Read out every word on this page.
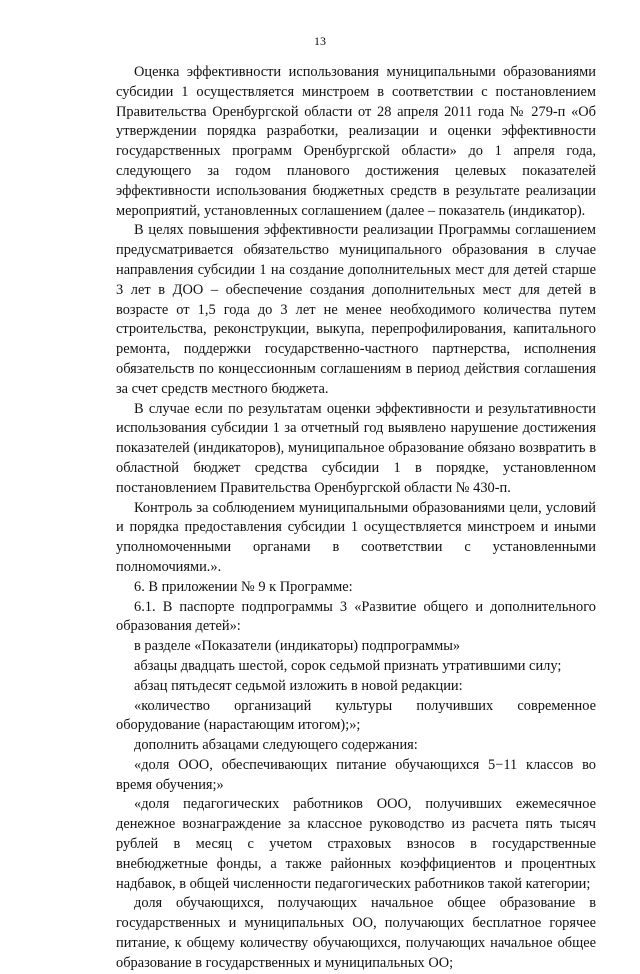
13

Оценка эффективности использования муниципальными образованиями субсидии 1 осуществляется минстроем в соответствии с постановлением Правительства Оренбургской области от 28 апреля 2011 года № 279-п «Об утверждении порядка разработки, реализации и оценки эффективности государственных программ Оренбургской области» до 1 апреля года, следующего за годом планового достижения целевых показателей эффективности использования бюджетных средств в результате реализации мероприятий, установленных соглашением (далее – показатель (индикатор).

В целях повышения эффективности реализации Программы соглашением предусматривается обязательство муниципального образования в случае направления субсидии 1 на создание дополнительных мест для детей старше 3 лет в ДОО – обеспечение создания дополнительных мест для детей в возрасте от 1,5 года до 3 лет не менее необходимого количества путем строительства, реконструкции, выкупа, перепрофилирования, капитального ремонта, поддержки государственно-частного партнерства, исполнения обязательств по концессионным соглашениям в период действия соглашения за счет средств местного бюджета.

В случае если по результатам оценки эффективности и результативности использования субсидии 1 за отчетный год выявлено нарушение достижения показателей (индикаторов), муниципальное образование обязано возвратить в областной бюджет средства субсидии 1 в порядке, установленном постановлением Правительства Оренбургской области № 430-п.

Контроль за соблюдением муниципальными образованиями цели, условий и порядка предоставления субсидии 1 осуществляется минстроем и иными уполномоченными органами в соответствии с установленными полномочиями.».

6. В приложении № 9 к Программе:

6.1. В паспорте подпрограммы 3 «Развитие общего и дополнительного образования детей»:

в разделе «Показатели (индикаторы) подпрограммы»

абзацы двадцать шестой, сорок седьмой признать утратившими силу;

абзац пятьдесят седьмой изложить в новой редакции:

«количество организаций культуры получивших современное оборудование (нарастающим итогом);»;

дополнить абзацами следующего содержания:

«доля ООО, обеспечивающих питание обучающихся 5−11 классов во время обучения;»

«доля педагогических работников ООО, получивших ежемесячное денежное вознаграждение за классное руководство из расчета пять тысяч рублей в месяц с учетом страховых взносов в государственные внебюджетные фонды, а также районных коэффициентов и процентных надбавок, в общей численности педагогических работников такой категории;

доля обучающихся, получающих начальное общее образование в государственных и муниципальных ОО, получающих бесплатное горячее питание, к общему количеству обучающихся, получающих начальное общее образование в государственных и муниципальных ОО;
